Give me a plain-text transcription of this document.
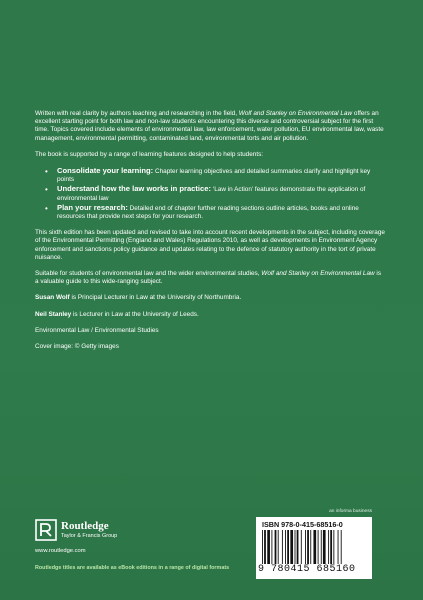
Written with real clarity by authors teaching and researching in the field, Wolf and Stanley on Environmental Law offers an excellent starting point for both law and non-law students encountering this diverse and controversial subject for the first time. Topics covered include elements of environmental law, law enforcement, water pollution, EU environmental law, waste management, environmental permitting, contaminated land, environmental torts and air pollution.

The book is supported by a range of learning features designed to help students:

• Consolidate your learning: Chapter learning objectives and detailed summaries clarify and highlight key points
• Understand how the law works in practice: ‘Law in Action’ features demonstrate the application of environmental law
• Plan your research: Detailed end of chapter further reading sections outline articles, books and online resources that provide next steps for your research.

This sixth edition has been updated and revised to take into account recent developments in the subject, including coverage of the Environmental Permitting (England and Wales) Regulations 2010, as well as developments in Environment Agency enforcement and sanctions policy guidance and updates relating to the defence of statutory authority in the tort of private nuisance.

Suitable for students of environmental law and the wider environmental studies, Wolf and Stanley on Environmental Law is a valuable guide to this wide-ranging subject.

Susan Wolf is Principal Lecturer in Law at the University of Northumbria.

Neil Stanley is Lecturer in Law at the University of Leeds.

Environmental Law / Environmental Studies

Cover image: © Getty images

Routledge
Taylor & Francis Group
www.routledge.com
Routledge titles are available as eBook editions in a range of digital formats
an informa business
ISBN 978-0-415-68516-0
9 780415 685160
